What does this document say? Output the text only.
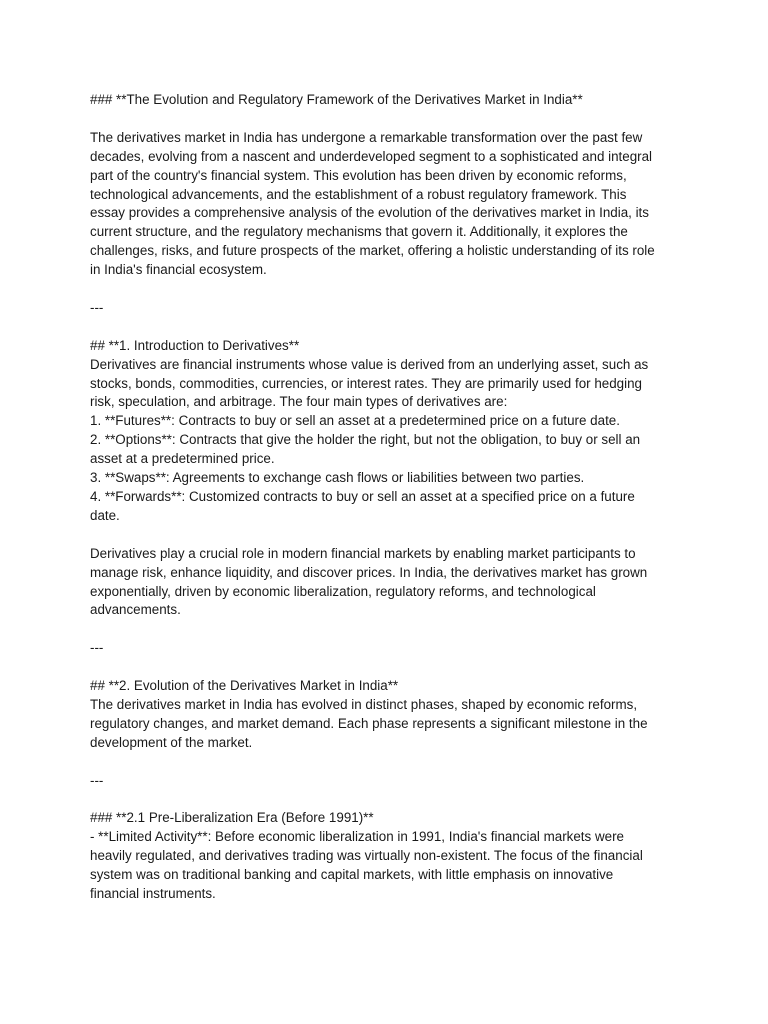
### **The Evolution and Regulatory Framework of the Derivatives Market in India**

The derivatives market in India has undergone a remarkable transformation over the past few

decades, evolving from a nascent and underdeveloped segment to a sophisticated and integral

part of the country's financial system. This evolution has been driven by economic reforms,

technological advancements, and the establishment of a robust regulatory framework. This

essay provides a comprehensive analysis of the evolution of the derivatives market in India, its

current structure, and the regulatory mechanisms that govern it. Additionally, it explores the

challenges, risks, and future prospects of the market, offering a holistic understanding of its role

in India's financial ecosystem.

---

## **1. Introduction to Derivatives**

Derivatives are financial instruments whose value is derived from an underlying asset, such as

stocks, bonds, commodities, currencies, or interest rates. They are primarily used for hedging

risk, speculation, and arbitrage. The four main types of derivatives are:

1. **Futures**: Contracts to buy or sell an asset at a predetermined price on a future date.

2. **Options**: Contracts that give the holder the right, but not the obligation, to buy or sell an

asset at a predetermined price.

3. **Swaps**: Agreements to exchange cash flows or liabilities between two parties.

4. **Forwards**: Customized contracts to buy or sell an asset at a specified price on a future

date.

Derivatives play a crucial role in modern financial markets by enabling market participants to

manage risk, enhance liquidity, and discover prices. In India, the derivatives market has grown

exponentially, driven by economic liberalization, regulatory reforms, and technological

advancements.

---

## **2. Evolution of the Derivatives Market in India**

The derivatives market in India has evolved in distinct phases, shaped by economic reforms,

regulatory changes, and market demand. Each phase represents a significant milestone in the

development of the market.

---

### **2.1 Pre-Liberalization Era (Before 1991)**

- **Limited Activity**: Before economic liberalization in 1991, India's financial markets were

heavily regulated, and derivatives trading was virtually non-existent. The focus of the financial

system was on traditional banking and capital markets, with little emphasis on innovative

financial instruments.
